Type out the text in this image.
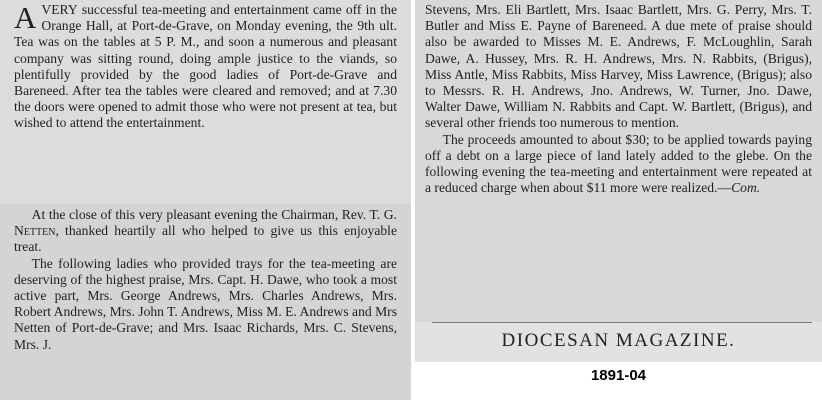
AVERY successful tea-meeting and entertainment came off in the Orange Hall, at Port-de-Grave, on Monday evening, the 9th ult. Tea was on the tables at 5 P. M., and soon a numerous and pleasant company was sitting round, doing ample justice to the viands, so plentifully provided by the good ladies of Port-de-Grave and Bareneed. After tea the tables were cleared and removed; and at 7.30 the doors were opened to admit those who were not present at tea, but wished to attend the entertainment.

At the close of this very pleasant evening the Chairman, Rev. T. G. Netten, thanked heartily all who helped to give us this enjoyable treat.

The following ladies who provided trays for the tea-meeting are deserving of the highest praise, Mrs. Capt. H. Dawe, who took a most active part, Mrs. George Andrews, Mrs. Charles Andrews, Mrs. Robert Andrews, Mrs. John T. Andrews, Miss M. E. Andrews and Mrs Netten of Port-de-Grave; and Mrs. Isaac Richards, Mrs. C. Stevens, Mrs. J.

Stevens, Mrs. Eli Bartlett, Mrs. Isaac Bartlett, Mrs. G. Perry, Mrs. T. Butler and Miss E. Payne of Bareneed. A due mete of praise should also be awarded to Misses M. E. Andrews, F. McLoughlin, Sarah Dawe, A. Hussey, Mrs. R. H. Andrews, Mrs. N. Rabbits, (Brigus), Miss Antle, Miss Rabbits, Miss Harvey, Miss Lawrence, (Brigus); also to Messrs. R. H. Andrews, Jno. Andrews, W. Turner, Jno. Dawe, Walter Dawe, William N. Rabbits and Capt. W. Bartlett, (Brigus), and several other friends too numerous to mention.

The proceeds amounted to about $30; to be applied towards paying off a debt on a large piece of land lately added to the glebe. On the following evening the tea-meeting and entertainment were repeated at a reduced charge when about $11 more were realized.—Com.

DIOCESAN MAGAZINE.
1891-04
